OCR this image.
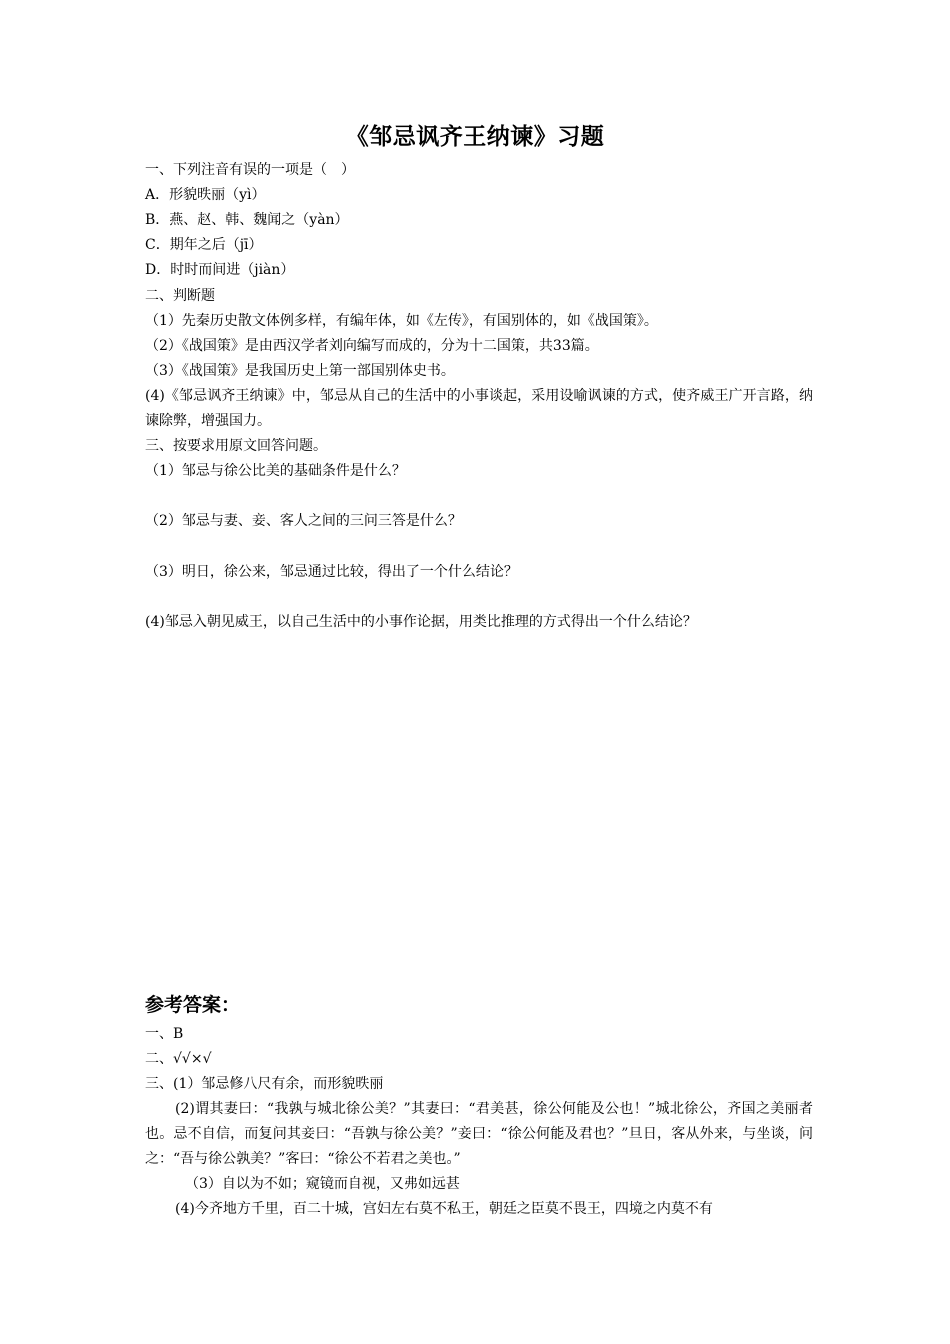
《邹忌讽齐王纳谏》习题
一、下列注音有误的一项是（　）
A．形貌昳丽（yì）
B．燕、赵、韩、魏闻之（yàn）
C．期年之后（jī）
D．时时而间进（jiàn）
二、判断题
（1）先秦历史散文体例多样，有编年体，如《左传》，有国别体的，如《战国策》。
（2）《战国策》是由西汉学者刘向编写而成的，分为十二国策，共33篇。
（3）《战国策》是我国历史上第一部国别体史书。
(4)《邹忌讽齐王纳谏》中，邹忌从自己的生活中的小事谈起，采用设喻讽谏的方式，使齐威王广开言路，纳谏除弊，增强国力。
三、按要求用原文回答问题。
（1）邹忌与徐公比美的基础条件是什么？
（2）邹忌与妻、妾、客人之间的三问三答是什么？
（3）明日，徐公来，邹忌通过比较，得出了一个什么结论？
(4)邹忌入朝见威王，以自己生活中的小事作论据，用类比推理的方式得出一个什么结论？
参考答案：
一、B
二、√√×√
三、(1）邹忌修八尺有余，而形貌昳丽
(2)谓其妻曰：“我孰与城北徐公美？”其妻曰：“君美甚，徐公何能及公也！”城北徐公，齐国之美丽者也。忌不自信，而复问其妾曰：“吾孰与徐公美？”妾曰：“徐公何能及君也？”旦日，客从外来，与坐谈，问之：“吾与徐公孰美？”客曰：“徐公不若君之美也。”
（3）自以为不如；窥镜而自视，又弗如远甚
(4)今齐地方千里，百二十城，宫妇左右莫不私王，朝廷之臣莫不畏王，四境之内莫不有
